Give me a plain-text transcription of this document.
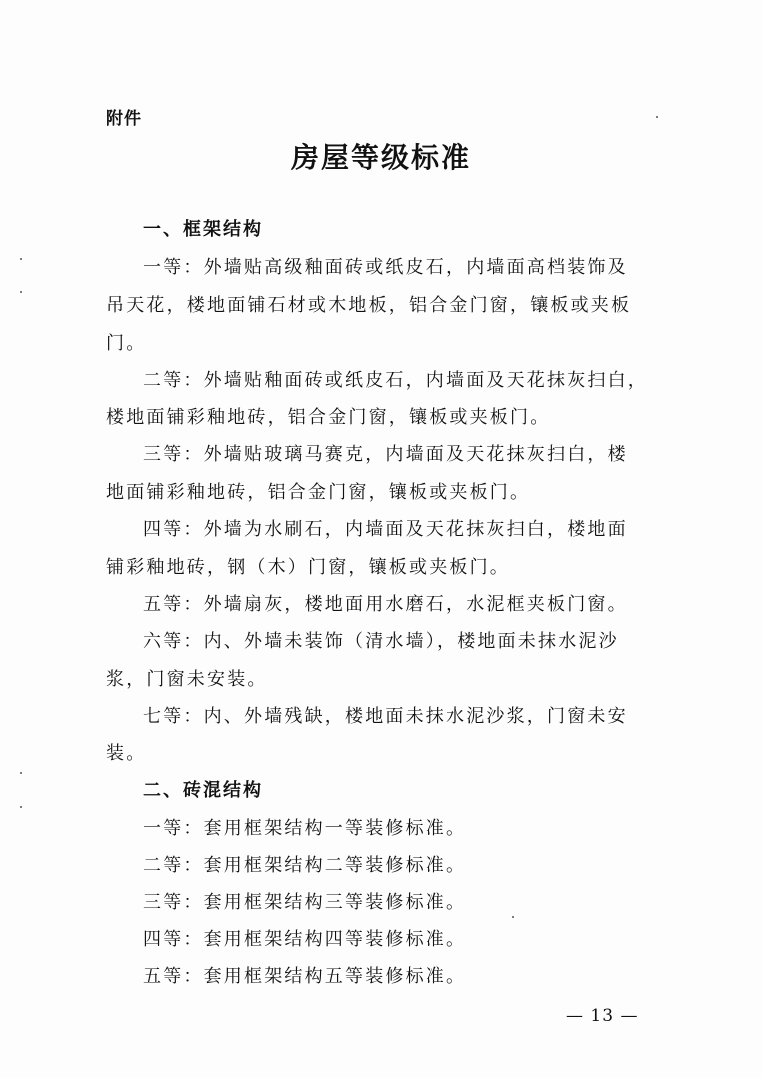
附件
房屋等级标准
一、框架结构
一等：外墙贴高级釉面砖或纸皮石，内墙面高档装饰及
吊天花，楼地面铺石材或木地板，铝合金门窗，镶板或夹板
门。
二等：外墙贴釉面砖或纸皮石，内墙面及天花抹灰扫白，
楼地面铺彩釉地砖，铝合金门窗，镶板或夹板门。
三等：外墙贴玻璃马赛克，内墙面及天花抹灰扫白，楼
地面铺彩釉地砖，铝合金门窗，镶板或夹板门。
四等：外墙为水刷石，内墙面及天花抹灰扫白，楼地面
铺彩釉地砖，钢（木）门窗，镶板或夹板门。
五等：外墙扇灰，楼地面用水磨石，水泥框夹板门窗。
六等：内、外墙未装饰（清水墙），楼地面未抹水泥沙
浆，门窗未安装。
七等：内、外墙残缺，楼地面未抹水泥沙浆，门窗未安
装。
二、砖混结构
一等：套用框架结构一等装修标准。
二等：套用框架结构二等装修标准。
三等：套用框架结构三等装修标准。
四等：套用框架结构四等装修标准。
五等：套用框架结构五等装修标准。
— 13 —
